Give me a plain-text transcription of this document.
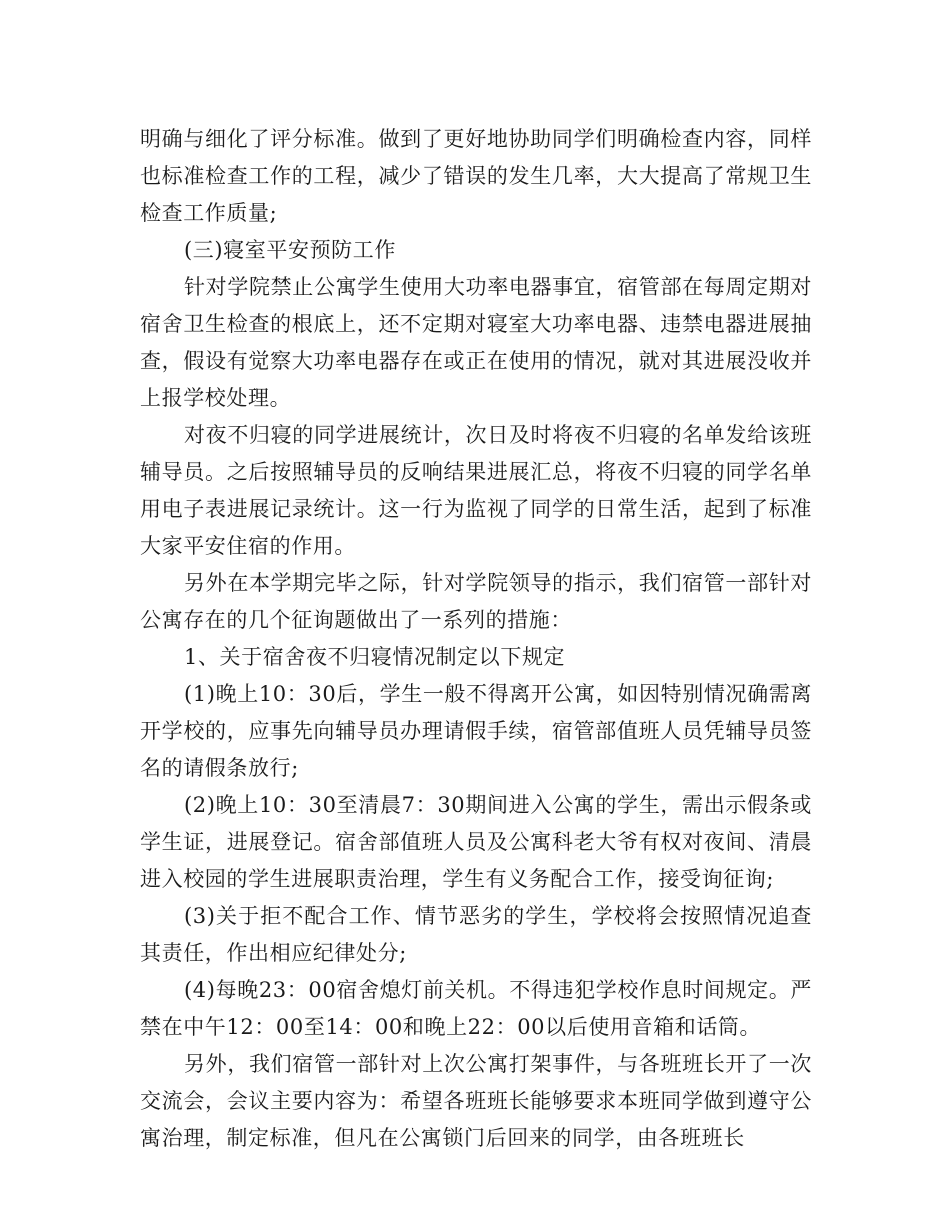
明确与细化了评分标准。做到了更好地协助同学们明确检查内容，同样也标准检查工作的工程，减少了错误的发生几率，大大提高了常规卫生检查工作质量;

(三)寝室平安预防工作

针对学院禁止公寓学生使用大功率电器事宜，宿管部在每周定期对宿舍卫生检查的根底上，还不定期对寝室大功率电器、违禁电器进展抽查，假设有觉察大功率电器存在或正在使用的情况，就对其进展没收并上报学校处理。

对夜不归寝的同学进展统计，次日及时将夜不归寝的名单发给该班辅导员。之后按照辅导员的反响结果进展汇总，将夜不归寝的同学名单用电子表进展记录统计。这一行为监视了同学的日常生活，起到了标准大家平安住宿的作用。

另外在本学期完毕之际，针对学院领导的指示，我们宿管一部针对公寓存在的几个征询题做出了一系列的措施：

1、关于宿舍夜不归寝情况制定以下规定

(1)晚上10：30后，学生一般不得离开公寓，如因特别情况确需离开学校的，应事先向辅导员办理请假手续，宿管部值班人员凭辅导员签名的请假条放行;

(2)晚上10：30至清晨7：30期间进入公寓的学生，需出示假条或学生证，进展登记。宿舍部值班人员及公寓科老大爷有权对夜间、清晨进入校园的学生进展职责治理，学生有义务配合工作，接受询征询;

(3)关于拒不配合工作、情节恶劣的学生，学校将会按照情况追查其责任，作出相应纪律处分;

(4)每晚23：00宿舍熄灯前关机。不得违犯学校作息时间规定。严禁在中午12：00至14：00和晚上22：00以后使用音箱和话筒。

另外，我们宿管一部针对上次公寓打架事件，与各班班长开了一次交流会，会议主要内容为：希望各班班长能够要求本班同学做到遵守公寓治理，制定标准，但凡在公寓锁门后回来的同学，由各班班长
